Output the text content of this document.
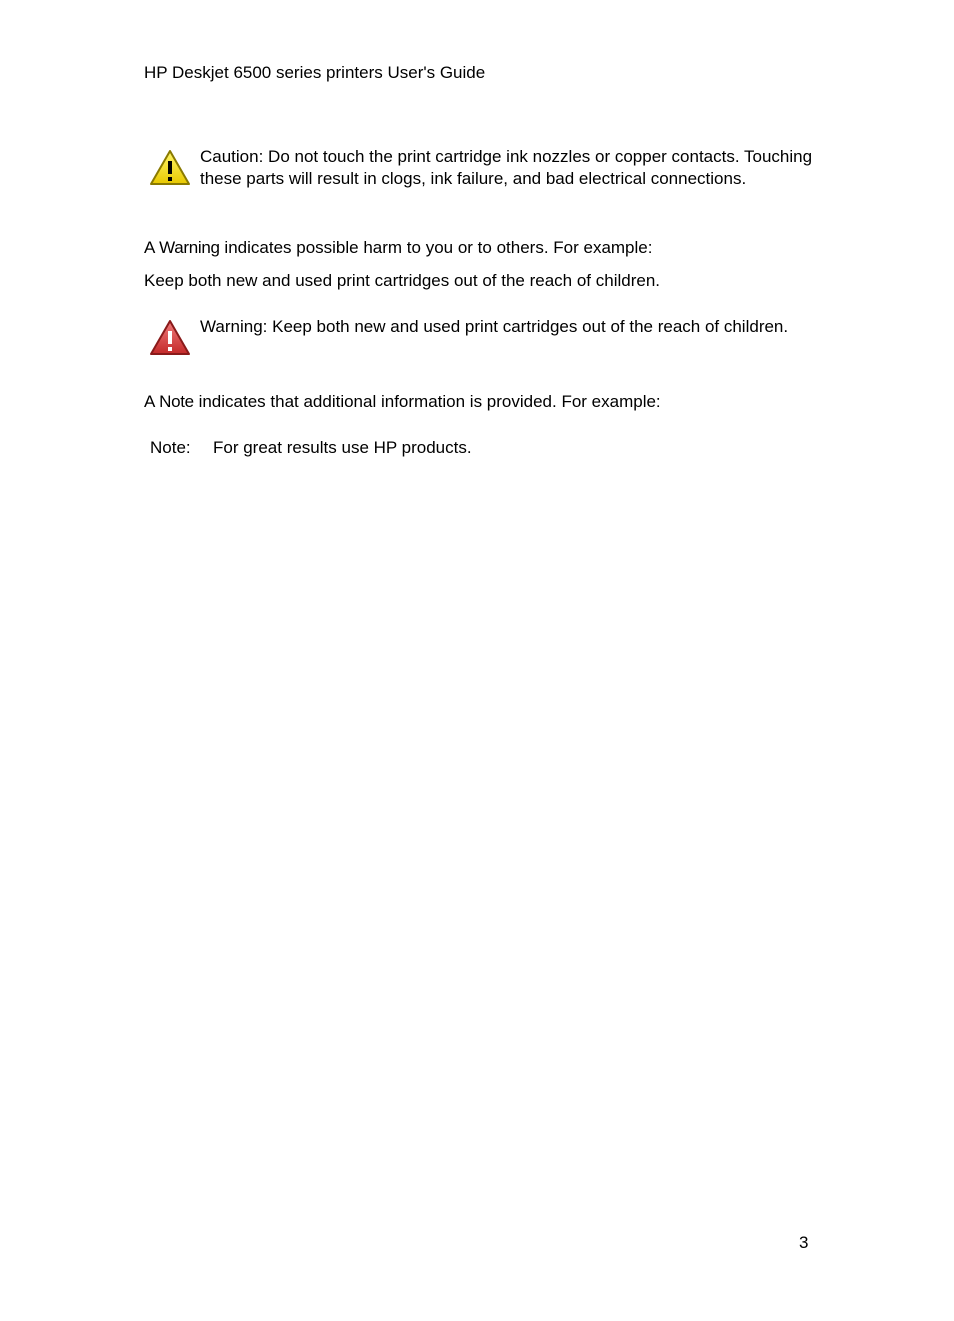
HP Deskjet 6500 series printers User's Guide
Caution: Do not touch the print cartridge ink nozzles or copper contacts. Touching these parts will result in clogs, ink failure, and bad electrical connections.
A Warning indicates possible harm to you or to others. For example:
Keep both new and used print cartridges out of the reach of children.
Warning: Keep both new and used print cartridges out of the reach of children.
A Note indicates that additional information is provided. For example:
Note: For great results use HP products.
3
